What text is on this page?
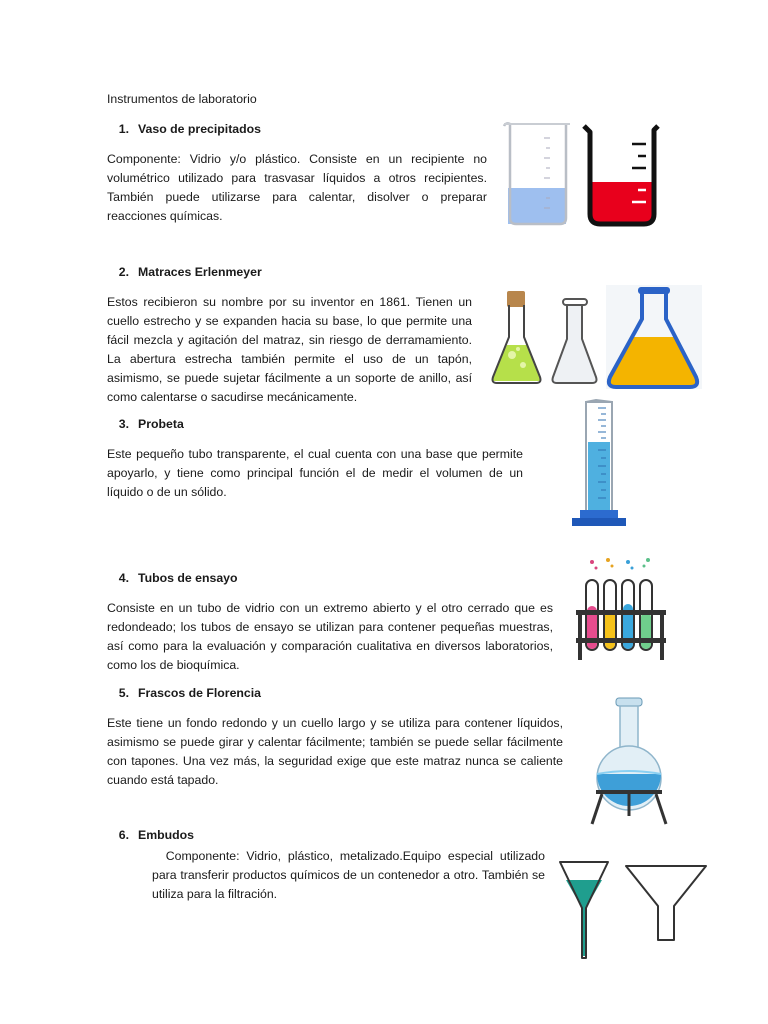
Instrumentos de laboratorio
1. Vaso de precipitados
Componente: Vidrio y/o plástico. Consiste en un recipiente no volumétrico utilizado para trasvasar líquidos a otros recipientes. También puede utilizarse para calentar, disolver o preparar reacciones químicas.
2. Matraces Erlenmeyer
Estos recibieron su nombre por su inventor en 1861. Tienen un cuello estrecho y se expanden hacia su base, lo que permite una fácil mezcla y agitación del matraz, sin riesgo de derramamiento. La abertura estrecha también permite el uso de un tapón, asimismo, se puede sujetar fácilmente a un soporte de anillo, así como calentarse o sacudirse mecánicamente.
3. Probeta
Este pequeño tubo transparente, el cual cuenta con una base que permite apoyarlo, y tiene como principal función el de medir el volumen de un líquido o de un sólido.
4. Tubos de ensayo
Consiste en un tubo de vidrio con un extremo abierto y el otro cerrado que es redondeado; los tubos de ensayo se utilizan para contener pequeñas muestras, así como para la evaluación y comparación cualitativa en diversos laboratorios, como los de bioquímica.
5. Frascos de Florencia
Este tiene un fondo redondo y un cuello largo y se utiliza para contener líquidos, asimismo se puede girar y calentar fácilmente; también se puede sellar fácilmente con tapones. Una vez más, la seguridad exige que este matraz nunca se caliente cuando está tapado.
6. Embudos
Componente: Vidrio, plástico, metalizado.Equipo especial utilizado para transferir productos químicos de un contenedor a otro. También se utiliza para la filtración.
